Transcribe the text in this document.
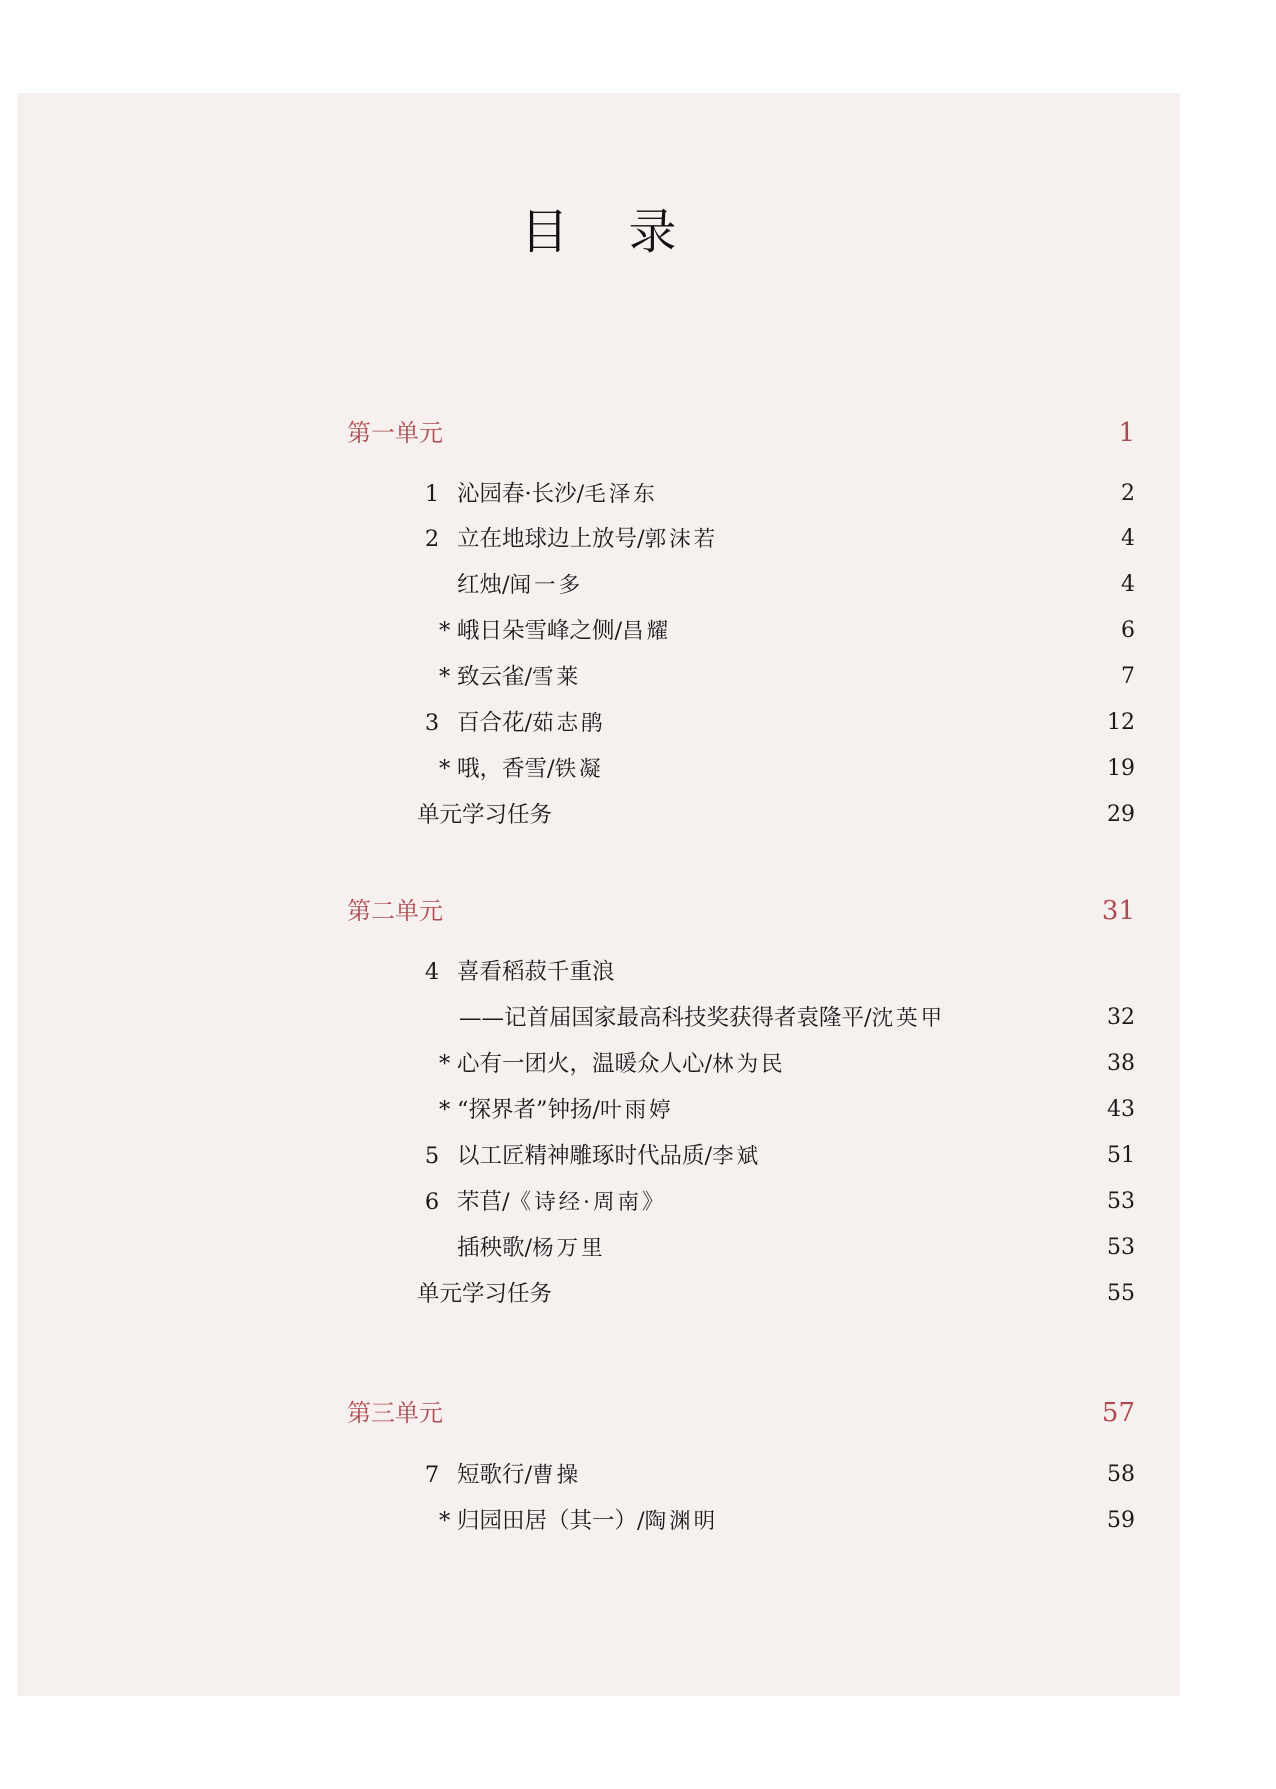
目录
第一单元	1
1 沁园春·长沙/毛泽东	2
2 立在地球边上放号/郭沫若	4
红烛/闻一多	4
* 峨日朵雪峰之侧/昌耀	6
* 致云雀/雪莱	7
3 百合花/茹志鹃	12
* 哦，香雪/铁凝	19
单元学习任务	29
第二单元	31
4 喜看稻菽千重浪
——记首届国家最高科技奖获得者袁隆平/沈英甲	32
* 心有一团火，温暖众人心/林为民	38
* “探界者”钟扬/叶雨婷	43
5 以工匠精神雕琢时代品质/李斌	51
6 芣苢/《诗经·周南》	53
插秧歌/杨万里	53
单元学习任务	55
第三单元	57
7 短歌行/曹操	58
* 归园田居（其一）/陶渊明	59
